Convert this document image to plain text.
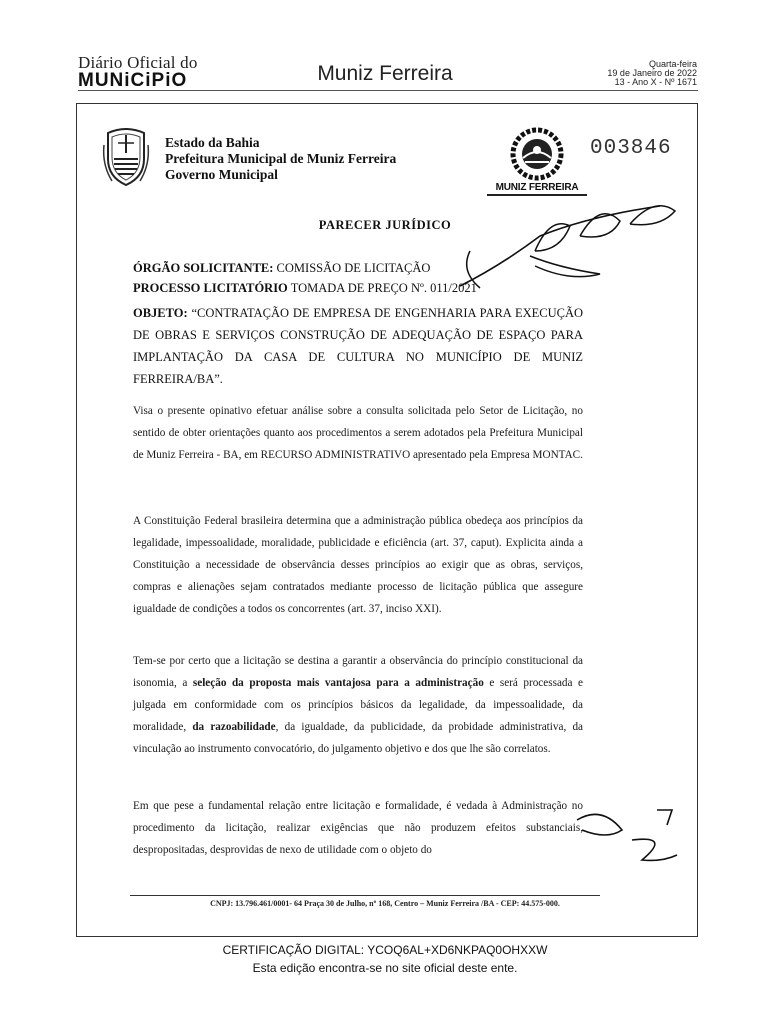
Diário Oficial do
MUNiCiPiO	Muniz Ferreira	Quarta-feira
19 de Janeiro de 2022
13 - Ano X - Nº 1671
Estado da Bahia
Prefeitura Municipal de Muniz Ferreira
Governo Municipal
MUNIZ FERREIRA
003846
PARECER JURÍDICO
ÓRGÃO SOLICITANTE: COMISSÃO DE LICITAÇÃO
PROCESSO LICITATÓRIO TOMADA DE PREÇO Nº. 011/2021
OBJETO: “CONTRATAÇÃO DE EMPRESA DE ENGENHARIA PARA EXECUÇÃO DE OBRAS E SERVIÇOS CONSTRUÇÃO DE ADEQUAÇÃO DE ESPAÇO PARA IMPLANTAÇÃO DA CASA DE CULTURA NO MUNICÍPIO DE MUNIZ FERREIRA/BA”.
Visa o presente opinativo efetuar análise sobre a consulta solicitada pelo Setor de Licitação, no sentido de obter orientações quanto aos procedimentos a serem adotados pela Prefeitura Municipal de Muniz Ferreira - BA, em RECURSO ADMINISTRATIVO apresentado pela Empresa MONTAC.
A Constituição Federal brasileira determina que a administração pública obedeça aos princípios da legalidade, impessoalidade, moralidade, publicidade e eficiência (art. 37, caput). Explicita ainda a Constituição a necessidade de observância desses princípios ao exigir que as obras, serviços, compras e alienações sejam contratados mediante processo de licitação pública que assegure igualdade de condições a todos os concorrentes (art. 37, inciso XXI).
Tem-se por certo que a licitação se destina a garantir a observância do princípio constitucional da isonomia, a seleção da proposta mais vantajosa para a administração e será processada e julgada em conformidade com os princípios básicos da legalidade, da impessoalidade, da moralidade, da razoabilidade, da igualdade, da publicidade, da probidade administrativa, da vinculação ao instrumento convocatório, do julgamento objetivo e dos que lhe são correlatos.
Em que pese a fundamental relação entre licitação e formalidade, é vedada à Administração no procedimento da licitação, realizar exigências que não produzem efeitos substanciais, despropositadas, desprovidas de nexo de utilidade com o objeto do
CNPJ: 13.796.461/0001- 64 Praça 30 de Julho, nº 168, Centro – Muniz Ferreira /BA - CEP: 44.575-000.
CERTIFICAÇÃO DIGITAL: YCOQ6AL+XD6NKPAQ0OHXXW
Esta edição encontra-se no site oficial deste ente.
